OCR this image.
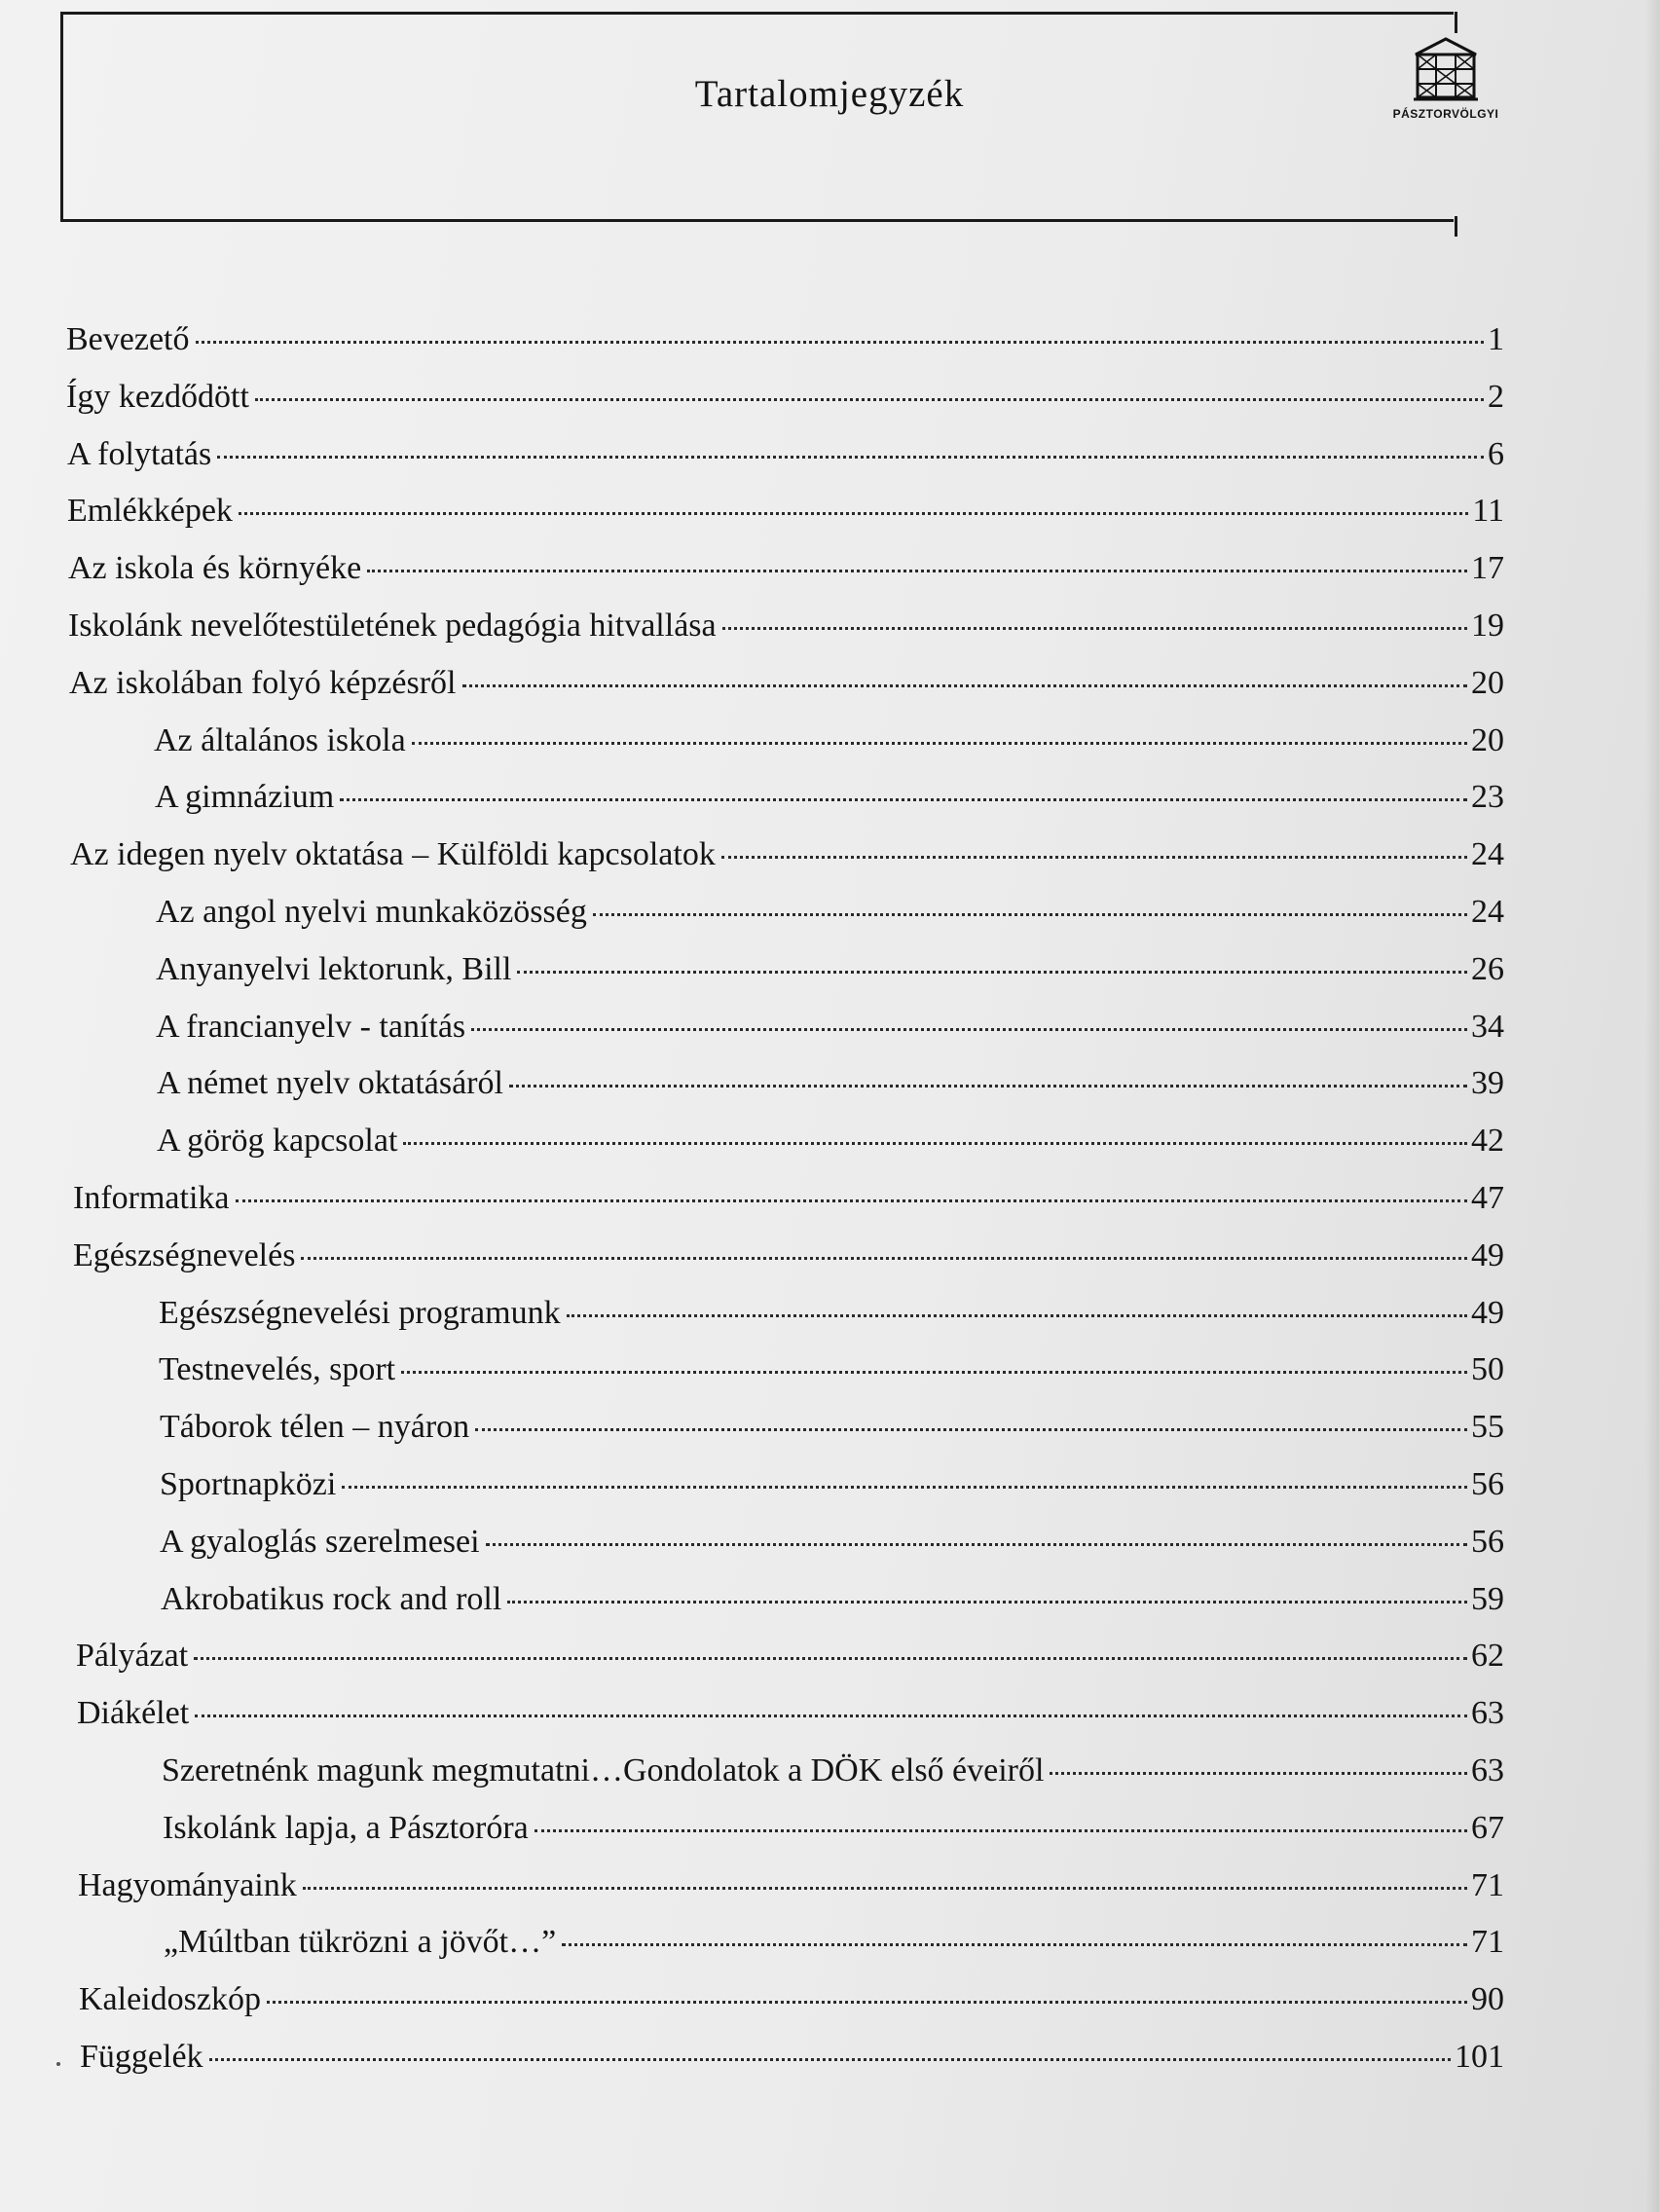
Tartalomjegyzék	PÁSZTORVÖLGYI
Bevezető	1
Így kezdődött	2
A folytatás	6
Emlékképek	11
Az iskola és környéke	17
Iskolánk nevelőtestületének pedagógia hitvallása	19
Az iskolában folyó képzésről	20
Az általános iskola	20
A gimnázium	23
Az idegen nyelv oktatása – Külföldi kapcsolatok	24
Az angol nyelvi munkaközösség	24
Anyanyelvi lektorunk, Bill	26
A francianyelv - tanítás	34
A német nyelv oktatásáról	39
A görög kapcsolat	42
Informatika	47
Egészségnevelés	49
Egészségnevelési programunk	49
Testnevelés, sport	50
Táborok télen – nyáron	55
Sportnapközi	56
A gyaloglás szerelmesei	56
Akrobatikus rock and roll	59
Pályázat	62
Diákélet	63
Szeretnénk magunk megmutatni…Gondolatok a DÖK első éveiről	63
Iskolánk lapja, a Pásztoróra	67
Hagyományaink	71
„Múltban tükrözni a jövőt…”	71
Kaleidoszkóp	90
Függelék	101
